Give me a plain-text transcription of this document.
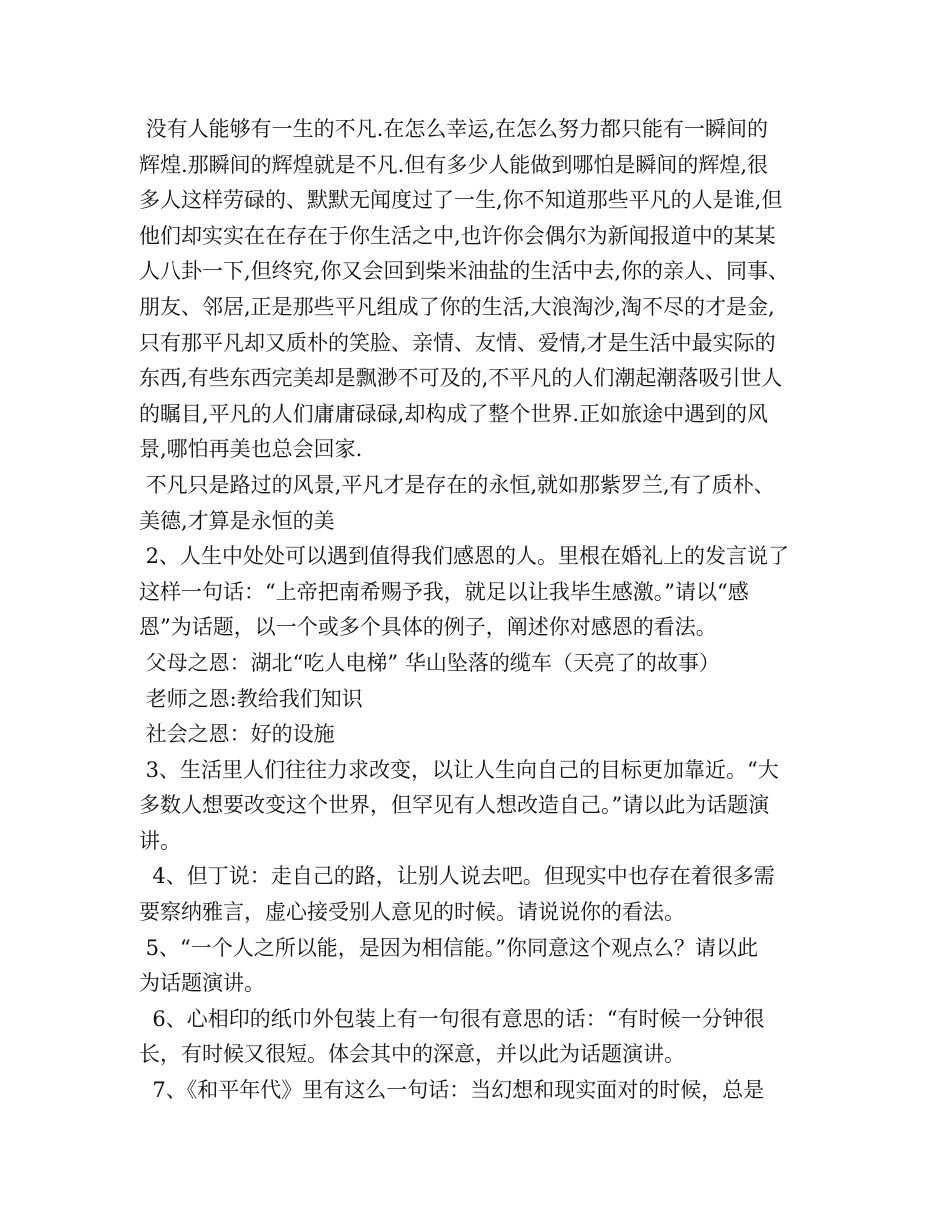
没有人能够有一生的不凡.在怎么幸运,在怎么努力都只能有一瞬间的
辉煌.那瞬间的辉煌就是不凡.但有多少人能做到哪怕是瞬间的辉煌,很
多人这样劳碌的、默默无闻度过了一生,你不知道那些平凡的人是谁,但
他们却实实在在存在于你生活之中,也许你会偶尔为新闻报道中的某某
人八卦一下,但终究,你又会回到柴米油盐的生活中去,你的亲人、同事、
朋友、邻居,正是那些平凡组成了你的生活,大浪淘沙,淘不尽的才是金,
只有那平凡却又质朴的笑脸、亲情、友情、爱情,才是生活中最实际的
东西,有些东西完美却是飘渺不可及的,不平凡的人们潮起潮落吸引世人
的瞩目,平凡的人们庸庸碌碌,却构成了整个世界.正如旅途中遇到的风
景,哪怕再美也总会回家.
不凡只是路过的风景,平凡才是存在的永恒,就如那紫罗兰,有了质朴、
美德,才算是永恒的美
2、人生中处处可以遇到值得我们感恩的人。里根在婚礼上的发言说了
这样一句话：“上帝把南希赐予我，就足以让我毕生感激。”请以“感
恩”为话题，以一个或多个具体的例子，阐述你对感恩的看法。
父母之恩：湖北“吃人电梯” 华山坠落的缆车（天亮了的故事）
老师之恩:教给我们知识
社会之恩：好的设施
3、生活里人们往往力求改变，以让人生向自己的目标更加靠近。“大
多数人想要改变这个世界，但罕见有人想改造自己。”请以此为话题演
讲。
4、但丁说：走自己的路，让别人说去吧。但现实中也存在着很多需
要察纳雅言，虚心接受别人意见的时候。请说说你的看法。
5、“一个人之所以能，是因为相信能。”你同意这个观点么？请以此
为话题演讲。
6、心相印的纸巾外包装上有一句很有意思的话：“有时候一分钟很
长，有时候又很短。体会其中的深意，并以此为话题演讲。
7、《和平年代》里有这么一句话：当幻想和现实面对的时候，总是
